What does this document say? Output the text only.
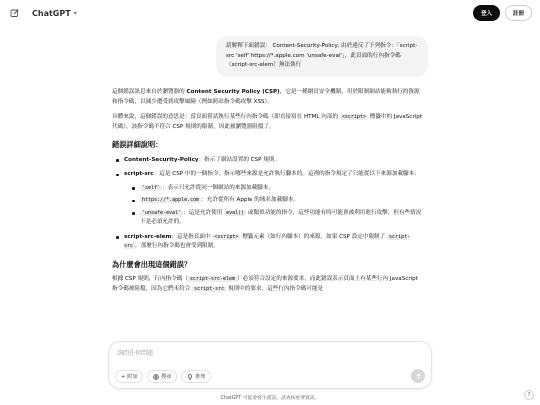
ChatGPT ▾	登入	註冊
請解釋下面錯誤： Content-Security-Policy: 由於違反了下列指令：「script-src 'self' https://*.apple.com 'unsafe-eval'」，此頁面的行內指令碼（script-src-elem）無法執行

這個錯誤訊息來自於瀏覽器的 Content Security Policy (CSP)，它是一種網頁安全機制，用於限制網站能夠執行的資源和指令碼，以減少遭受到攻擊風險（例如跨站指令碼攻擊 XSS）。

具體來說，這個錯誤的意思是：當頁面嘗試執行某些行內指令碼（即直接寫在 HTML 內部的 <script> 標籤中的 JavaScript 代碼），該指令碼不符合 CSP 規則的限制，因此被瀏覽器阻擋了。

錯誤詳細說明：
Content-Security-Policy：指示了網站設置的 CSP 規則。
script-src：這是 CSP 中的一個指令，指示哪些來源是允許執行腳本的。這裡的指令規定了只能從以下來源加載腳本：
'self' ：表示只允許從同一個網站的來源加載腳本。
https://*.apple.com ：允許從所有 Apple 的域名加載腳本。
'unsafe-eval' ：這是允許使用 eval() 或類似功能的指令，這些功能有時可能會被利用進行攻擊，但有些情況下是必須允許的。
script-src-elem：這是指頁面中 <script> 標籤元素（如行內腳本）的來源。如果 CSP 設定中限制了 script-src ，那麼行內指令碼也會受到限制。
為什麼會出現這個錯誤？

根據 CSP 規則，行內指令碼（ script-src-elem ）必須符合設定的來源要求，而此錯誤表示頁面上有某些行內 JavaScript 指令碼被阻擋，因為它們未符合 script-src 規則中的要求。這些行內指令碼可能是

詢問任何問題
+ 附加	搜尋	推理
ChatGPT 可能會發生錯誤。請查核重要資訊。
?
